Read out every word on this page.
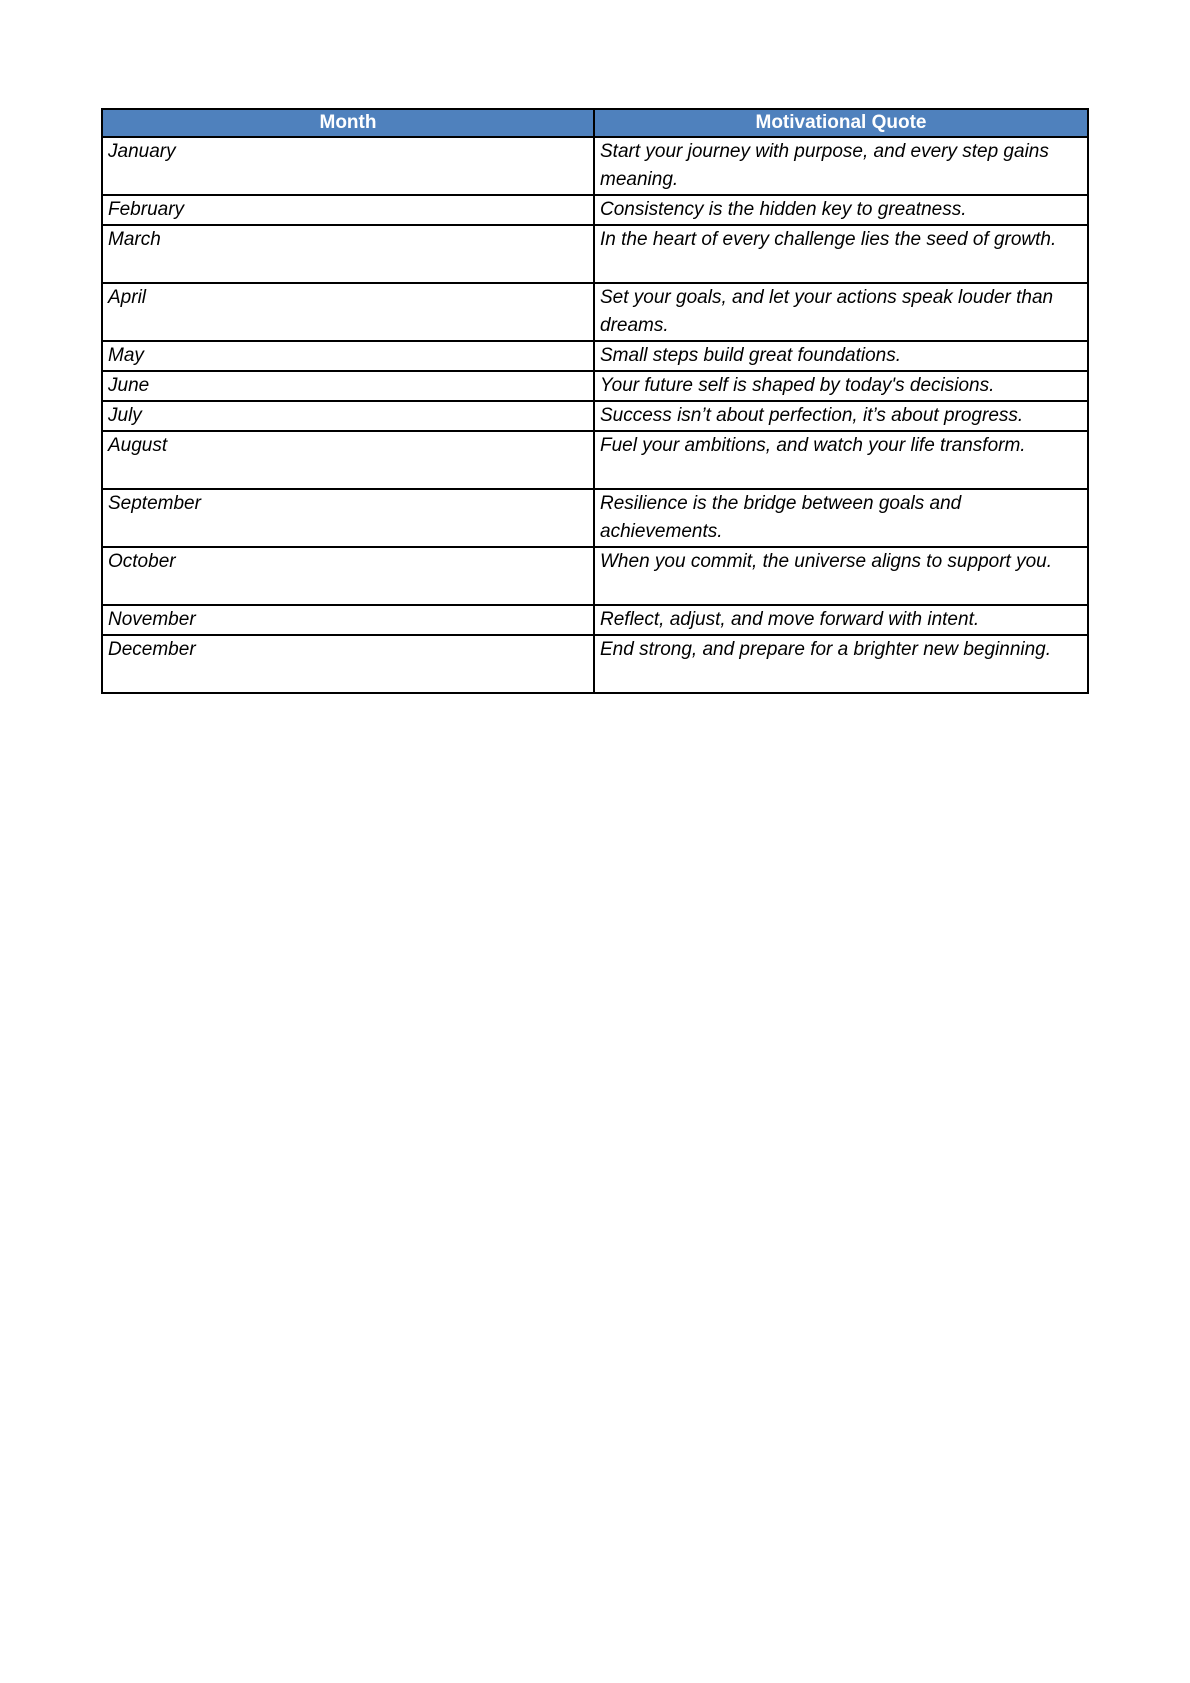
Month	Motivational Quote
January	Start your journey with purpose, and every step gains meaning.
February	Consistency is the hidden key to greatness.
March	In the heart of every challenge lies the seed of growth.
April	Set your goals, and let your actions speak louder than dreams.
May	Small steps build great foundations.
June	Your future self is shaped by today's decisions.
July	Success isn’t about perfection, it’s about progress.
August	Fuel your ambitions, and watch your life transform.
September	Resilience is the bridge between goals and achievements.
October	When you commit, the universe aligns to support you.
November	Reflect, adjust, and move forward with intent.
December	End strong, and prepare for a brighter new beginning.
